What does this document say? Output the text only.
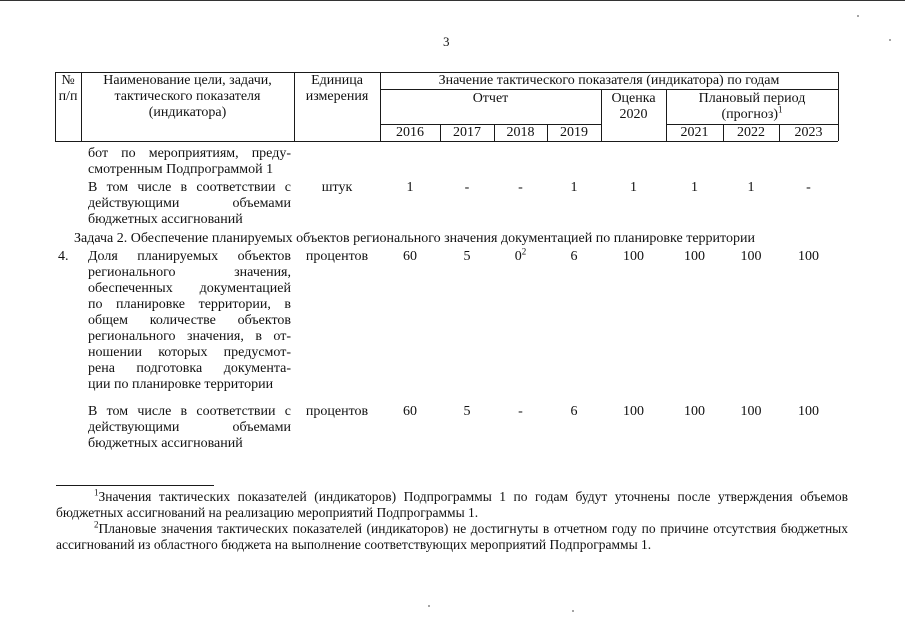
3
№
п/п
Наименование цели, задачи,
тактического показателя
(индикатора)
Единица
измерения
Значение тактического показателя (индикатора) по годам
Отчет	Оценка
2020
Плановый период
(прогноз)$^1$
2016	2017	2018	2019	2021	2022	2023
бот по мероприятиям, преду-
смотренным Подпрограммой 1
В том числе в соответствии с
действующими объемами
бюджетных ассигнований
штук	1	-	-	1	1	1	1	-
Задача 2. Обеспечение планируемых объектов регионального значения документацией по планировке территории
4. Доля планируемых объектов
регионального значения,
обеспеченных документацией
по планировке территории, в
общем количестве объектов
регионального значения, в от-
ношении которых предусмот-
рена подготовка документа-
ции по планировке территории
процентов	60	5	$0^2$	6	100	100	100	100
В том числе в соответствии с
действующими объемами
бюджетных ассигнований
процентов	60	5	-	6	100	100	100	100
$^1$Значения тактических показателей (индикаторов) Подпрограммы 1 по годам будут уточнены после утверждения объемов бюджетных ассигнований на реализацию мероприятий Подпрограммы 1.
$^2$Плановые значения тактических показателей (индикаторов) не достигнуты в отчетном году по причине отсутствия бюджетных ассигнований из областного бюджета на выполнение соответствующих мероприятий Подпрограммы 1.
